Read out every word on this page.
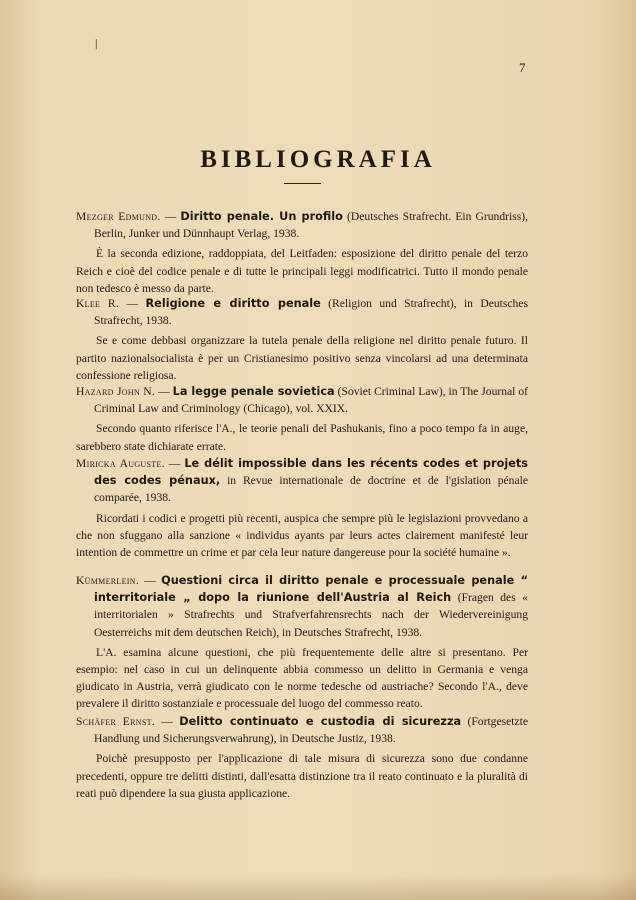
|
7
BIBLIOGRAFIA
Mezger Edmund. — Diritto penale. Un profilo (Deutsches Strafrecht. Ein Grundriss), Berlin, Junker und Dünnhaupt Verlag, 1938.
È la seconda edizione, raddoppiata, del Leitfaden: esposizione del diritto penale del terzo Reich e cioè del codice penale e di tutte le principali leggi modificatrici. Tutto il mondo penale non tedesco è messo da parte.
Klee R. — Religione e diritto penale (Religion und Strafrecht), in Deutsches Strafrecht, 1938.
Se e come debbasi organizzare la tutela penale della religione nel diritto penale futuro. Il partito nazionalsocialista è per un Cristianesimo positivo senza vincolarsi ad una determinata confessione religiosa.
Hazard John N. — La legge penale sovietica (Soviet Criminal Law), in The Journal of Criminal Law and Criminology (Chicago), vol. XXIX.
Secondo quanto riferisce l'A., le teorie penali del Pashukanis, fino a poco tempo fa in auge, sarebbero state dichiarate errate.
Miricka Auguste. — Le délit impossible dans les récents codes et projets des codes pénaux, in Revue internationale de doctrine et de l'gislation pénale comparée, 1938.
Ricordati i codici e progetti più recenti, auspica che sempre più le legislazioni provvedano a che non sfuggano alla sanzione « individus ayants par leurs actes clairement manifesté leur intention de commettre un crime et par cela leur nature dangereuse pour la société humaine ».
Kümmerlein. — Questioni circa il diritto penale e processuale penale “ interritoriale „ dopo la riunione dell'Austria al Reich (Fragen des « interritorialen » Strafrechts und Strafverfahrensrechts nach der Wiedervereinigung Oesterreichs mit dem deutschen Reich), in Deutsches Strafrecht, 1938.
L'A. esamina alcune questioni, che più frequentemente delle altre si presentano. Per esempio: nel caso in cui un delinquente abbia commesso un delitto in Germania e venga giudicato in Austria, verrà giudicato con le norme tedesche od austriache? Secondo l'A., deve prevalere il diritto sostanziale e processuale del luogo del commesso reato.
Schäfer Ernst. — Delitto continuato e custodia di sicurezza (Fortgesetzte Handlung und Sicherungsverwahrung), in Deutsche Justiz, 1938.
Poichè presupposto per l'applicazione di tale misura di sicurezza sono due condanne precedenti, oppure tre delitti distinti, dall'esatta distinzione tra il reato continuato e la pluralità di reati può dipendere la sua giusta applicazione.
